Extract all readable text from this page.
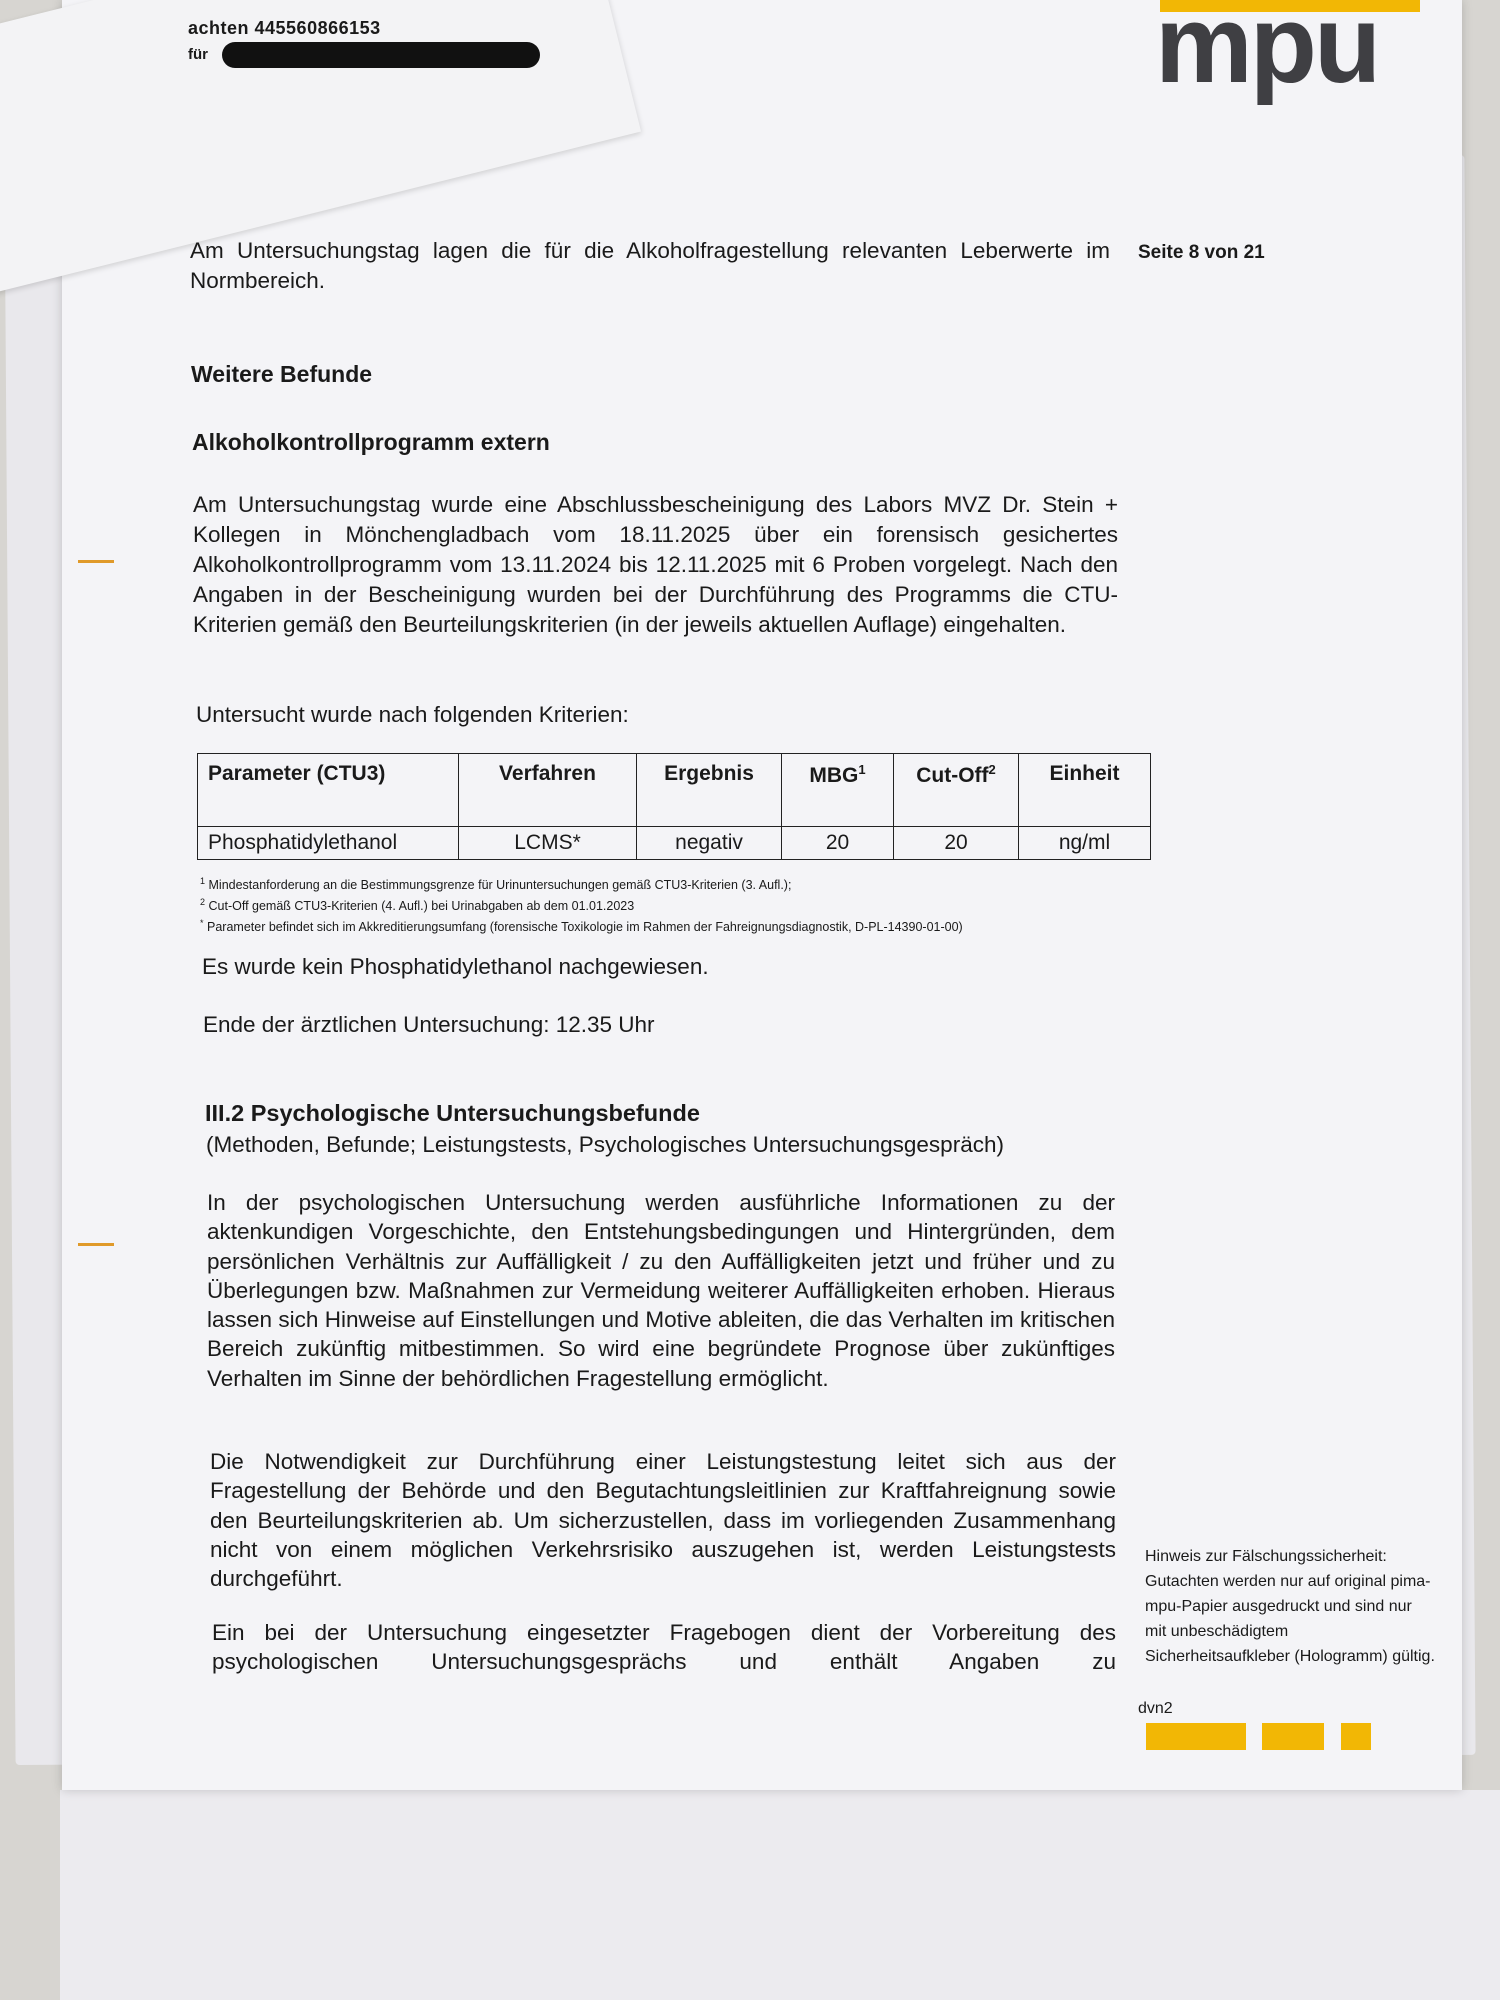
achten 445560866153
für	mpu
Seite 8 von 21
Am Untersuchungstag lagen die für die Alkoholfragestellung relevanten Leberwerte im Normbereich.
Weitere Befunde
Alkoholkontrollprogramm extern
Am Untersuchungstag wurde eine Abschlussbescheinigung des Labors MVZ Dr. Stein + Kollegen in Mönchengladbach vom 18.11.2025 über ein forensisch gesichertes Alkoholkontrollprogramm vom 13.11.2024 bis 12.11.2025 mit 6 Proben vorgelegt. Nach den Angaben in der Bescheinigung wurden bei der Durchführung des Programms die CTU-Kriterien gemäß den Beurteilungskriterien (in der jeweils aktuellen Auflage) eingehalten.
Untersucht wurde nach folgenden Kriterien:
Parameter (CTU3)	Verfahren	Ergebnis	MBG$^1$	Cut-Off$^2$	Einheit
Phosphatidylethanol	LCMS*	negativ	20	20	ng/ml
$^1$ Mindestanforderung an die Bestimmungsgrenze für Urinuntersuchungen gemäß CTU3-Kriterien (3. Aufl.);
$^2$ Cut-Off gemäß CTU3-Kriterien (4. Aufl.) bei Urinabgaben ab dem 01.01.2023
* Parameter befindet sich im Akkreditierungsumfang (forensische Toxikologie im Rahmen der Fahreignungsdiagnostik, D-PL-14390-01-00)
Es wurde kein Phosphatidylethanol nachgewiesen.
Ende der ärztlichen Untersuchung: 12.35 Uhr
III.2 Psychologische Untersuchungsbefunde
(Methoden, Befunde; Leistungstests, Psychologisches Untersuchungsgespräch)
In der psychologischen Untersuchung werden ausführliche Informationen zu der aktenkundigen Vorgeschichte, den Entstehungsbedingungen und Hintergründen, dem persönlichen Verhältnis zur Auffälligkeit / zu den Auffälligkeiten jetzt und früher und zu Überlegungen bzw. Maßnahmen zur Vermeidung weiterer Auffälligkeiten erhoben. Hieraus lassen sich Hinweise auf Einstellungen und Motive ableiten, die das Verhalten im kritischen Bereich zukünftig mitbestimmen. So wird eine begründete Prognose über zukünftiges Verhalten im Sinne der behördlichen Fragestellung ermöglicht.
Die Notwendigkeit zur Durchführung einer Leistungstestung leitet sich aus der Fragestellung der Behörde und den Begutachtungsleitlinien zur Kraftfahreignung sowie den Beurteilungskriterien ab. Um sicherzustellen, dass im vorliegenden Zusammenhang nicht von einem möglichen Verkehrsrisiko auszugehen ist, werden Leistungstests durchgeführt.
Ein bei der Untersuchung eingesetzter Fragebogen dient der Vorbereitung des psychologischen Untersuchungsgesprächs und enthält Angaben zu
Hinweis zur Fälschungssicherheit: Gutachten werden nur auf original pima-mpu-Papier ausgedruckt und sind nur mit unbeschädigtem Sicherheitsaufkleber (Hologramm) gültig.
dvn2
